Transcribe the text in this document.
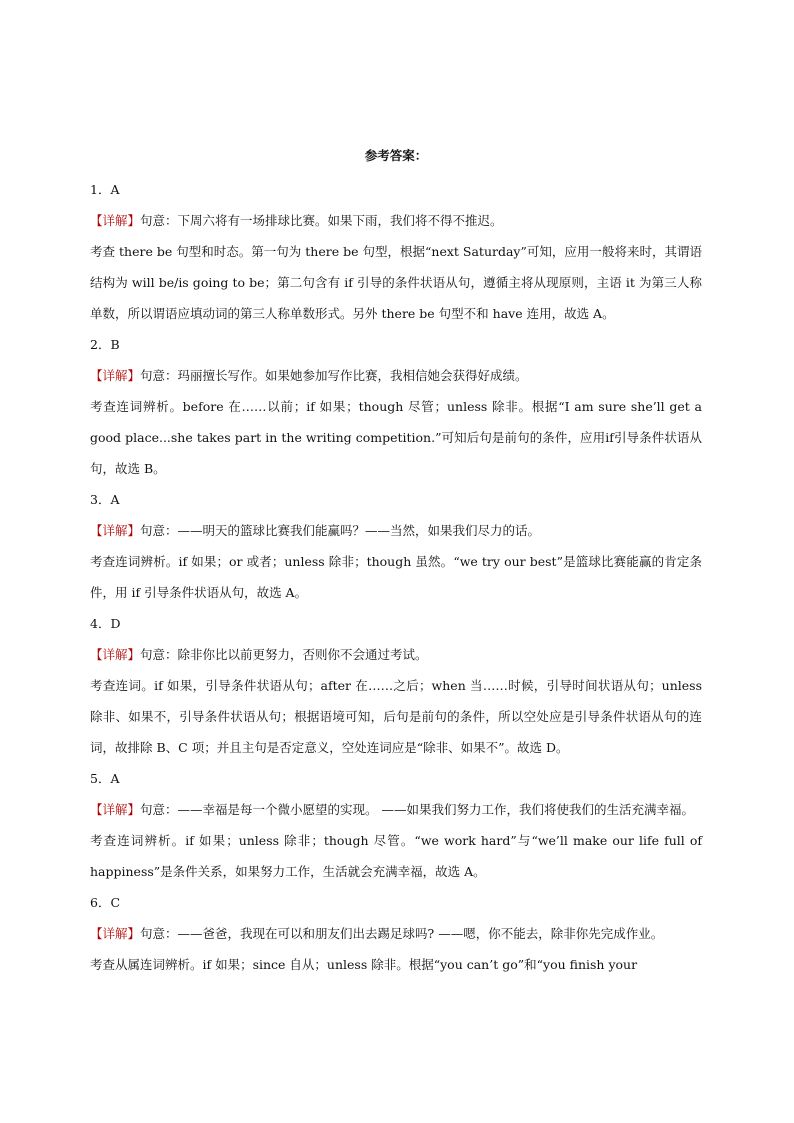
参考答案：
1．A
【详解】句意：下周六将有一场排球比赛。如果下雨，我们将不得不推迟。
考查 there be 句型和时态。第一句为 there be 句型，根据“next Saturday”可知，应用一般将来时，其谓语结构为 will be/is going to be；第二句含有 if 引导的条件状语从句，遵循主将从现原则，主语 it 为第三人称单数，所以谓语应填动词的第三人称单数形式。另外 there be 句型不和 have 连用，故选 A。
2．B
【详解】句意：玛丽擅长写作。如果她参加写作比赛，我相信她会获得好成绩。
考查连词辨析。before 在……以前；if 如果；though 尽管；unless 除非。根据“I am sure she’ll get a good place...she takes part in the writing competition.”可知后句是前句的条件，应用if引导条件状语从句，故选 B。
3．A
【详解】句意：——明天的篮球比赛我们能赢吗？——当然，如果我们尽力的话。
考查连词辨析。if 如果；or 或者；unless 除非；though 虽然。“we try our best”是篮球比赛能赢的肯定条件，用 if 引导条件状语从句，故选 A。
4．D
【详解】句意：除非你比以前更努力，否则你不会通过考试。
考查连词。if 如果，引导条件状语从句；after 在……之后；when 当……时候，引导时间状语从句；unless 除非、如果不，引导条件状语从句；根据语境可知，后句是前句的条件，所以空处应是引导条件状语从句的连词，故排除 B、C 项；并且主句是否定意义，空处连词应是“除非、如果不”。故选 D。
5．A
【详解】句意：——幸福是每一个微小愿望的实现。 ——如果我们努力工作，我们将使我们的生活充满幸福。
考查连词辨析。if 如果；unless 除非；though 尽管。“we work hard”与“we’ll make our life full of happiness”是条件关系，如果努力工作，生活就会充满幸福，故选 A。
6．C
【详解】句意：——爸爸，我现在可以和朋友们出去踢足球吗? ——嗯，你不能去，除非你先完成作业。
考查从属连词辨析。if 如果；since 自从；unless 除非。根据“you can’t go”和“you finish your
